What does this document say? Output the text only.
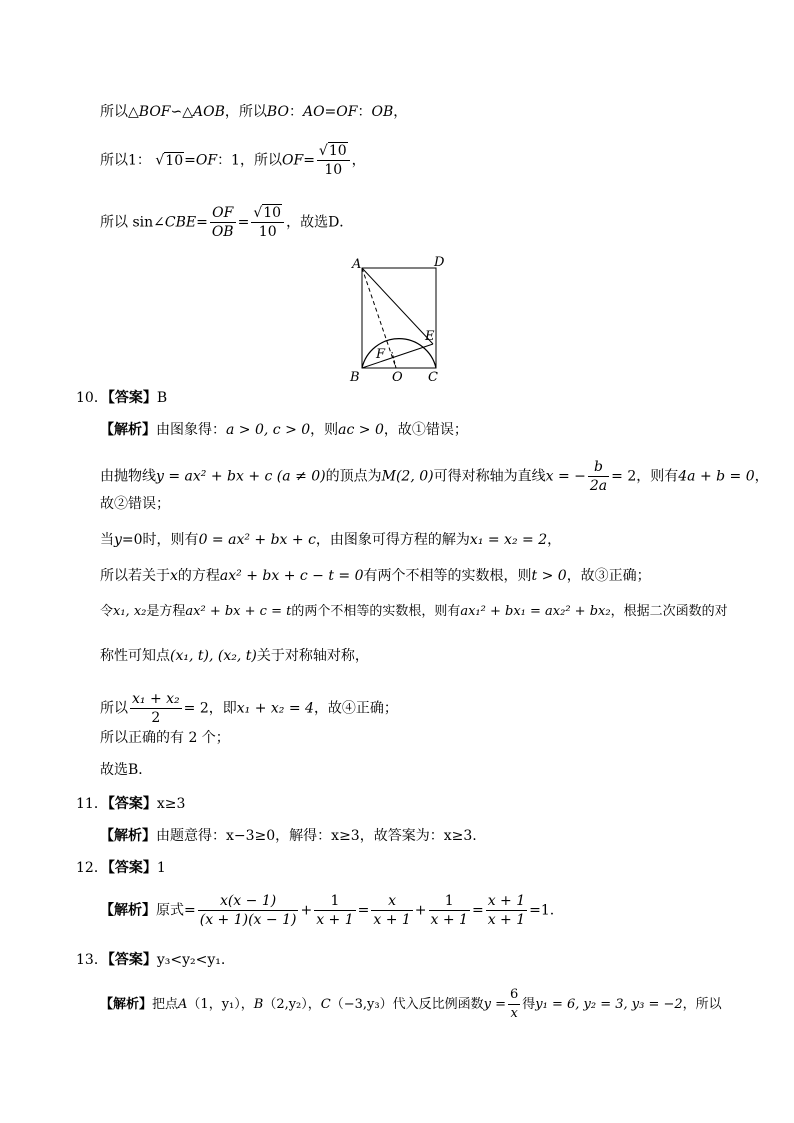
所以△BOF∽△AOB，所以BO：AO=OF：OB，
所以1： √10=OF：1，所以$OF= \frac{√10}{10}$ ，
所以 sin∠CBE= $\frac{OF}{OB} = \frac{√10}{10}$ ，故选D．
A	D
E
F
B O C
10．【答案】B
【解析】由图象得：a > 0, c > 0，则ac > 0，故①错误；
由抛物线y = ax² + bx + c (a ≠ 0)的顶点为M(2, 0)可得对称轴为直线x = − $\frac{b}{2a} = 2$，则有4a + b = 0，
故②错误；
当y=0时，则有0 = ax² + bx + c，由图象可得方程的解为x₁ = x₂ = 2，
所以若关于x的方程ax² + bx + c − t = 0有两个不相等的实数根，则t > 0，故③正确；
令x₁, x₂是方程ax² + bx + c = t的两个不相等的实数根，则有ax₁² + bx₁ = ax₂² + bx₂，根据二次函数的对
称性可知点(x₁, t), (x₂, t)关于对称轴对称，
所以 $\frac{\text{x₁ + x₂}}{2} = 2$，即x₁ + x₂ = 4，故④正确；
所以正确的有 2 个；
故选B．
11．【答案】x≥3
【解析】由题意得：x−3≥0，解得：x≥3，故答案为：x≥3.
12．【答案】1
【解析】原式= $\frac{x(x - 1)}{(x + 1)(x - 1)} + \frac{1}{x + 1} = \frac{x}{x + 1} + \frac{1}{x + 1} = \frac{x + 1}{x + 1} =1$.
13．【答案】y₃<y₂<y₁.
【解析】把点A（1，y₁），B（2,y₂），C（−3,y₃）代入反比例函数$y = \frac{6}{x}$ 得y₁ = 6, y₂ = 3, y₃ = −2，所以
